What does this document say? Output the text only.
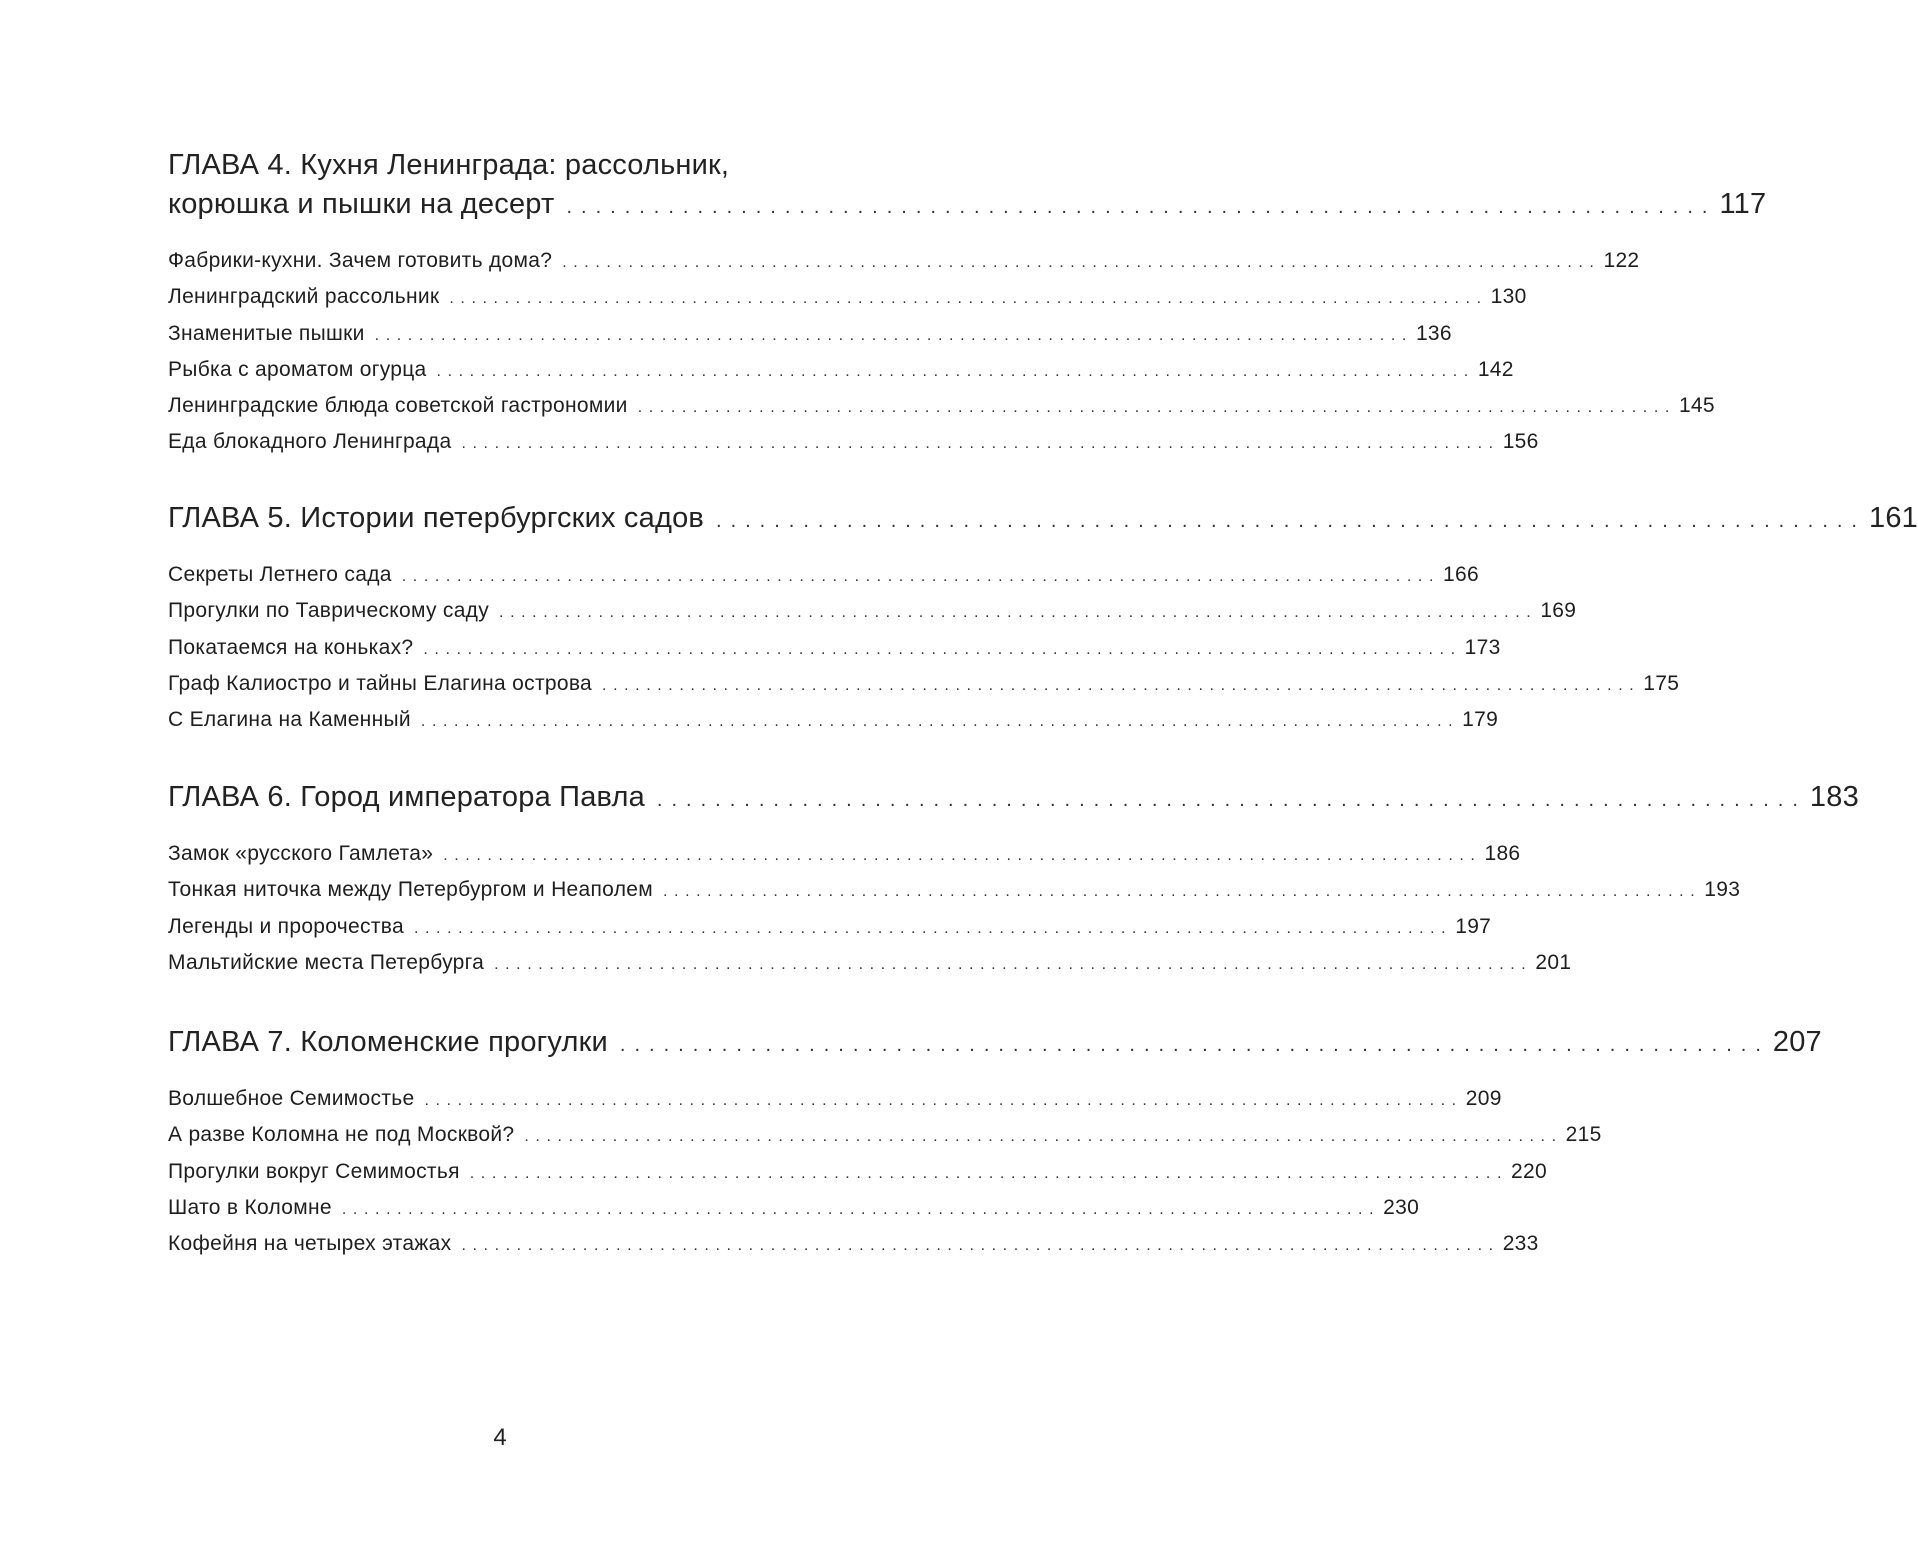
ГЛАВА 4. Кухня Ленинграда: рассольник,
корюшка и пышки на десерт ............................................................................... 117
Фабрики-кухни. Зачем готовить дома? .............................................................................................. 122
Ленинградский рассольник .............................................................................................. 130
Знаменитые пышки .............................................................................................. 136
Рыбка с ароматом огурца .............................................................................................. 142
Ленинградские блюда советской гастрономии .............................................................................................. 145
Еда блокадного Ленинграда .............................................................................................. 156
ГЛАВА 5. Истории петербургских садов ............................................................................... 161
Секреты Летнего сада .............................................................................................. 166
Прогулки по Таврическому саду .............................................................................................. 169
Покатаемся на коньках? .............................................................................................. 173
Граф Калиостро и тайны Елагина острова .............................................................................................. 175
С Елагина на Каменный .............................................................................................. 179
ГЛАВА 6. Город императора Павла ............................................................................... 183
Замок «русского Гамлета» .............................................................................................. 186
Тонкая ниточка между Петербургом и Неаполем .............................................................................................. 193
Легенды и пророчества .............................................................................................. 197
Мальтийские места Петербурга .............................................................................................. 201
ГЛАВА 7. Коломенские прогулки ............................................................................... 207
Волшебное Семимостье .............................................................................................. 209
А разве Коломна не под Москвой? .............................................................................................. 215
Прогулки вокруг Семимостья .............................................................................................. 220
Шато в Коломне .............................................................................................. 230
Кофейня на четырех этажах .............................................................................................. 233
4
